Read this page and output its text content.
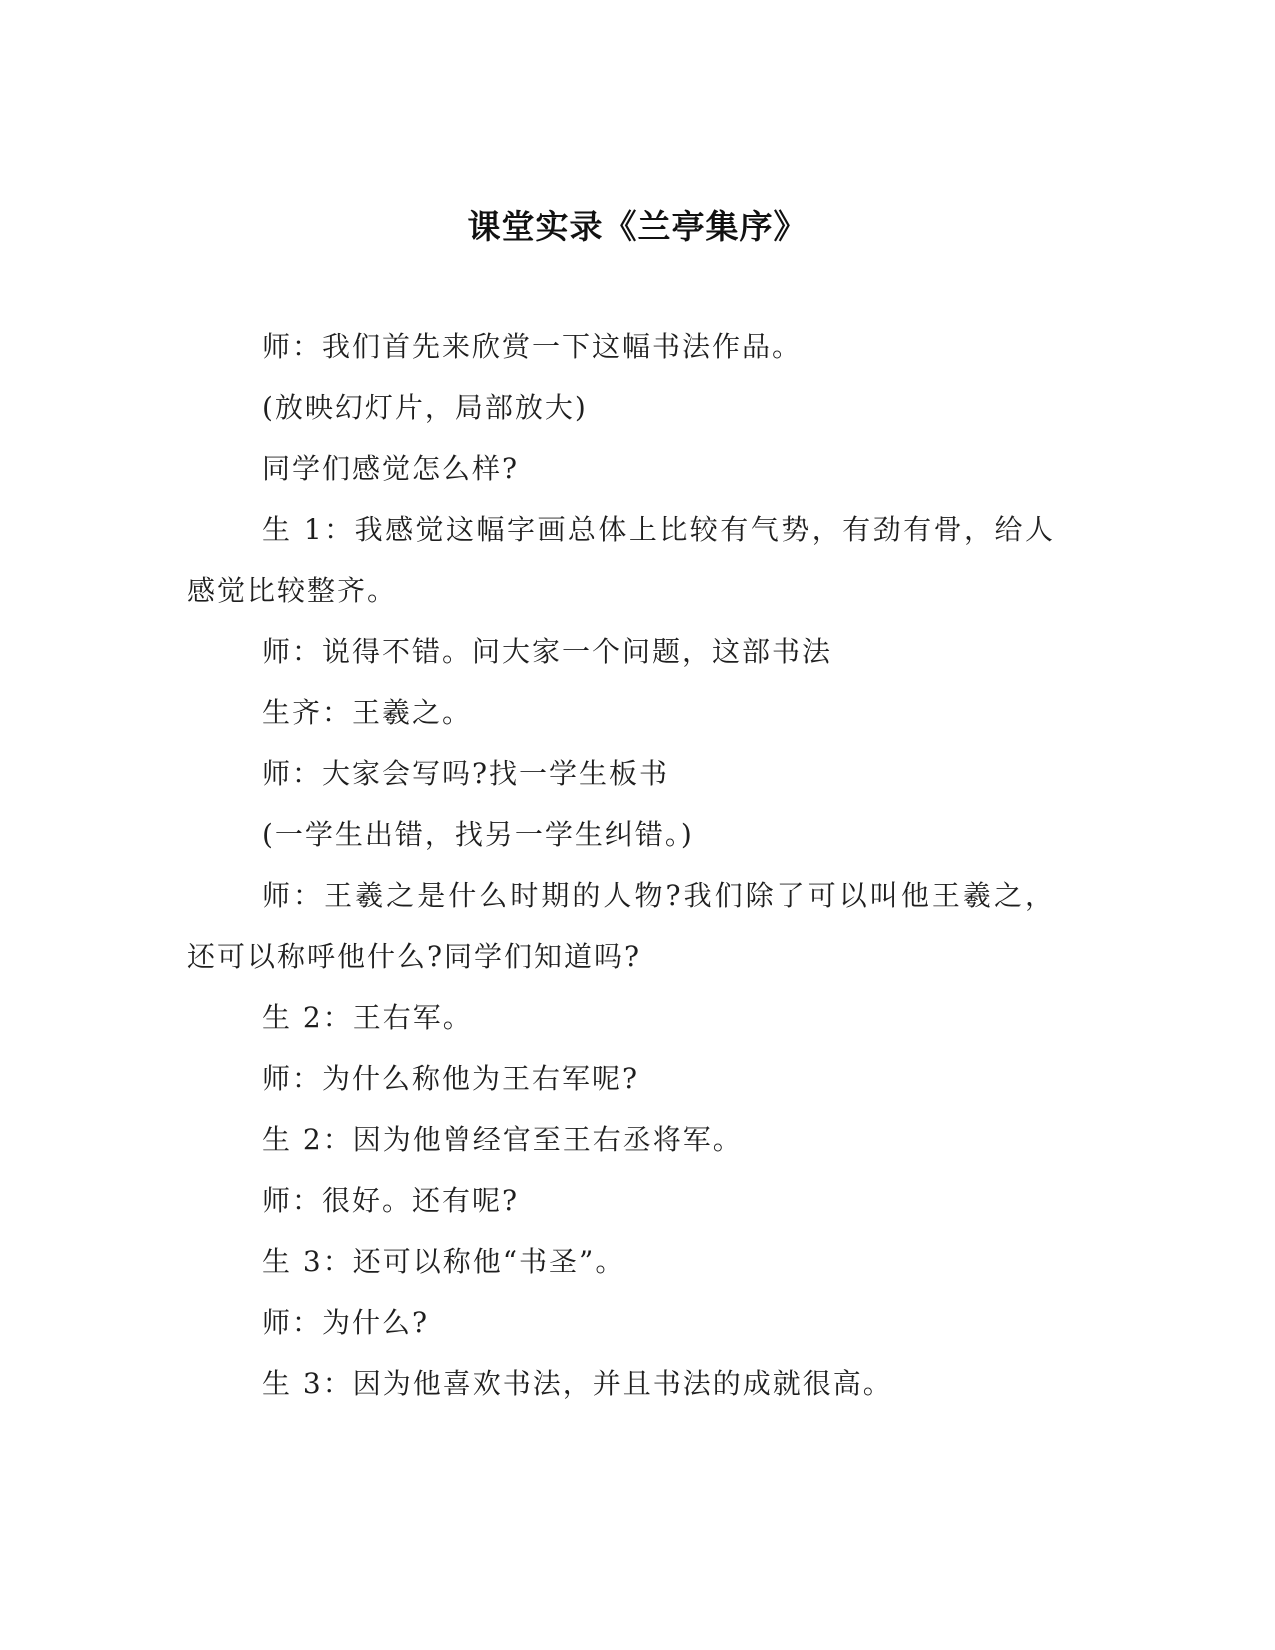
课堂实录《兰亭集序》

师：我们首先来欣赏一下这幅书法作品。

(放映幻灯片，局部放大)

同学们感觉怎么样?

生 1：我感觉这幅字画总体上比较有气势，有劲有骨，给人感觉比较整齐。

师：说得不错。问大家一个问题，这部书法

生齐：王羲之。

师：大家会写吗?找一学生板书

(一学生出错，找另一学生纠错。)

师：王羲之是什么时期的人物?我们除了可以叫他王羲之，还可以称呼他什么?同学们知道吗?

生 2：王右军。

师：为什么称他为王右军呢?

生 2：因为他曾经官至王右丞将军。

师：很好。还有呢?

生 3：还可以称他“书圣”。

师：为什么?

生 3：因为他喜欢书法，并且书法的成就很高。
